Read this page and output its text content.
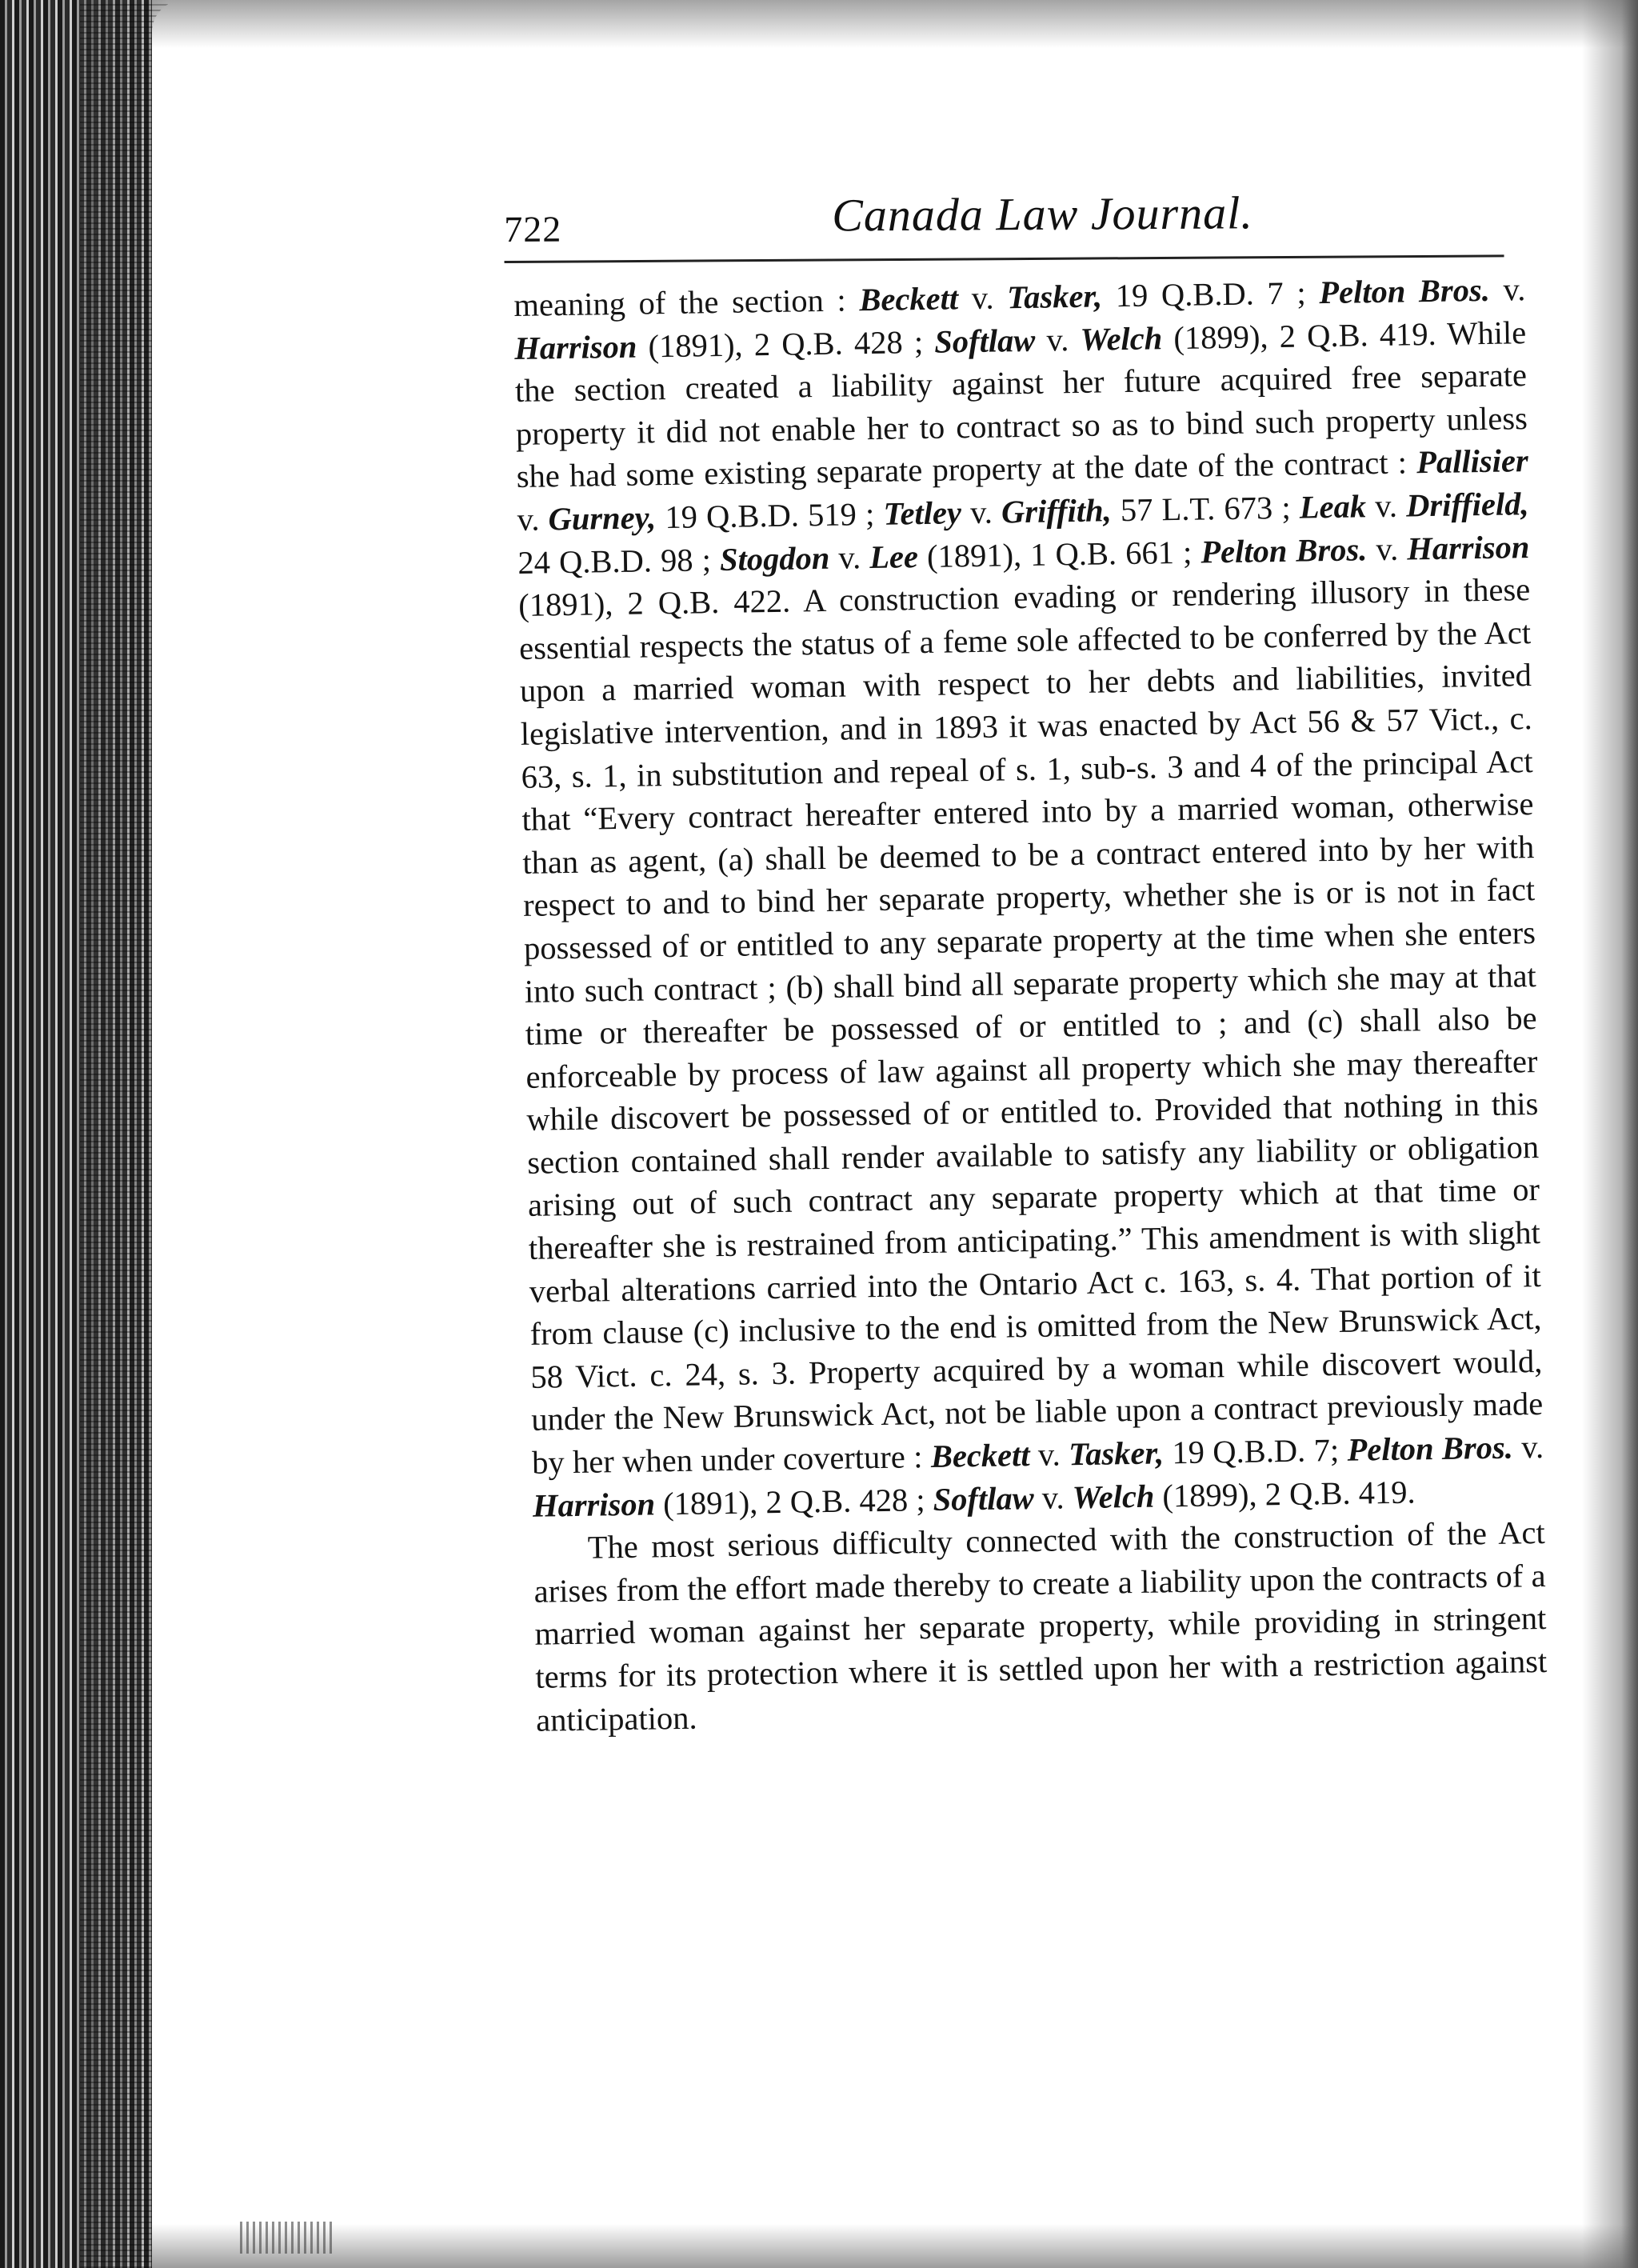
722	Canada Law Journal.

meaning of the section : Beckett v. Tasker, 19 Q.B.D. 7 ; Pelton Bros. v. Harrison (1891), 2 Q.B. 428 ; Softlaw v. Welch (1899), 2 Q.B. 419. While the section created a liability against her future acquired free separate property it did not enable her to contract so as to bind such property unless she had some existing separate property at the date of the contract : Pallisier v. Gurney, 19 Q.B.D. 519 ; Tetley v. Griffith, 57 L.T. 673 ; Leak v. Driffield, 24 Q.B.D. 98 ; Stogdon v. Lee (1891), 1 Q.B. 661 ; Pelton Bros. v. Harrison (1891), 2 Q.B. 422. A construction evading or rendering illusory in these essential respects the status of a feme sole affected to be conferred by the Act upon a married woman with respect to her debts and liabilities, invited legislative intervention, and in 1893 it was enacted by Act 56 & 57 Vict., c. 63, s. 1, in substitution and repeal of s. 1, sub-s. 3 and 4 of the principal Act that “Every contract hereafter entered into by a married woman, otherwise than as agent, (a) shall be deemed to be a contract entered into by her with respect to and to bind her separate property, whether she is or is not in fact possessed of or entitled to any separate property at the time when she enters into such contract ; (b) shall bind all separate property which she may at that time or thereafter be possessed of or entitled to ; and (c) shall also be enforceable by process of law against all property which she may thereafter while discovert be possessed of or entitled to. Provided that nothing in this section contained shall render available to satisfy any liability or obligation arising out of such contract any separate property which at that time or thereafter she is restrained from anticipating.” This amendment is with slight verbal alterations carried into the Ontario Act c. 163, s. 4. That portion of it from clause (c) inclusive to the end is omitted from the New Brunswick Act, 58 Vict. c. 24, s. 3. Property acquired by a woman while discovert would, under the New Brunswick Act, not be liable upon a contract previously made by her when under coverture : Beckett v. Tasker, 19 Q.B.D. 7; Pelton Bros. v. Harrison (1891), 2 Q.B. 428 ; Softlaw v. Welch (1899), 2 Q.B. 419.

The most serious difficulty connected with the construction of the Act arises from the effort made thereby to create a liability upon the contracts of a married woman against her separate property, while providing in stringent terms for its protection where it is settled upon her with a restriction against anticipation.
